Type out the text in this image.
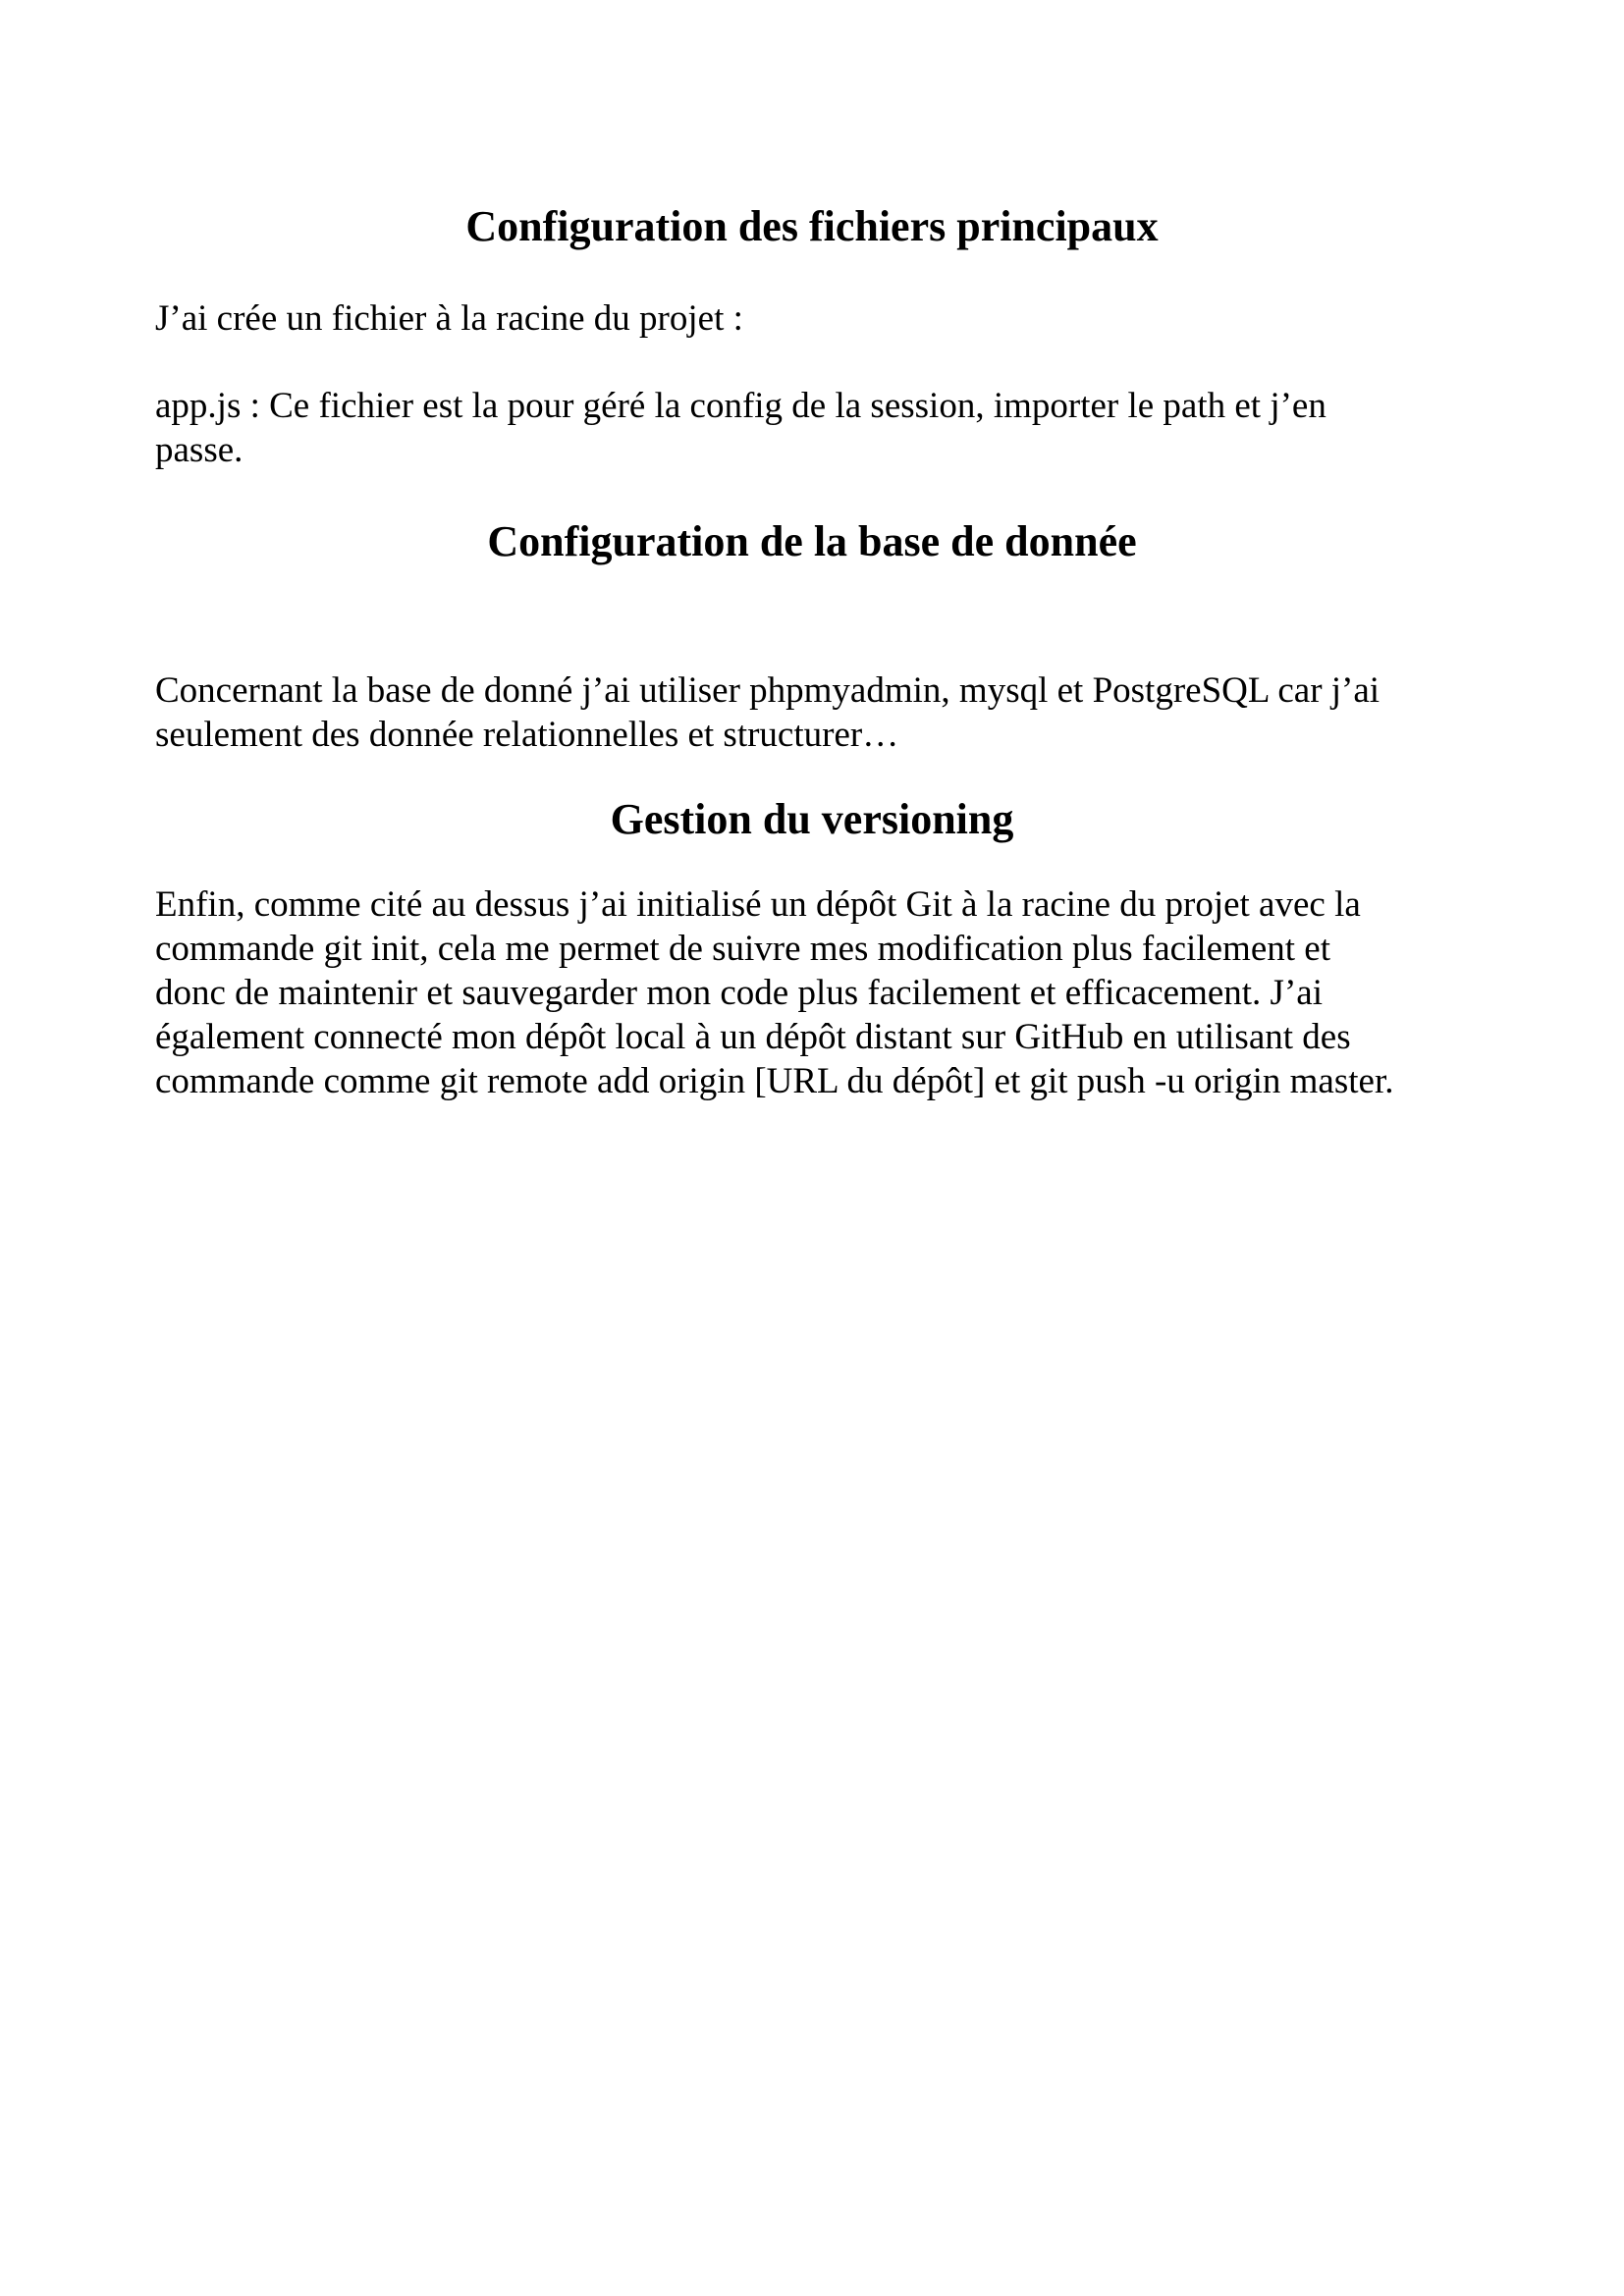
Configuration des fichiers principaux

J’ai crée un fichier à la racine du projet :

app.js : Ce fichier est la pour géré la config de la session, importer le path et j’en
passe.

Configuration de la base de donnée

Concernant la base de donné j’ai utiliser phpmyadmin, mysql et PostgreSQL car j’ai
seulement des donnée relationnelles et structurer…

Gestion du versioning

Enfin, comme cité au dessus j’ai initialisé un dépôt Git à la racine du projet avec la
commande git init, cela me permet de suivre mes modification plus facilement et
donc de maintenir et sauvegarder mon code plus facilement et efficacement. J’ai
également connecté mon dépôt local à un dépôt distant sur GitHub en utilisant des
commande comme git remote add origin [URL du dépôt] et git push -u origin master.
